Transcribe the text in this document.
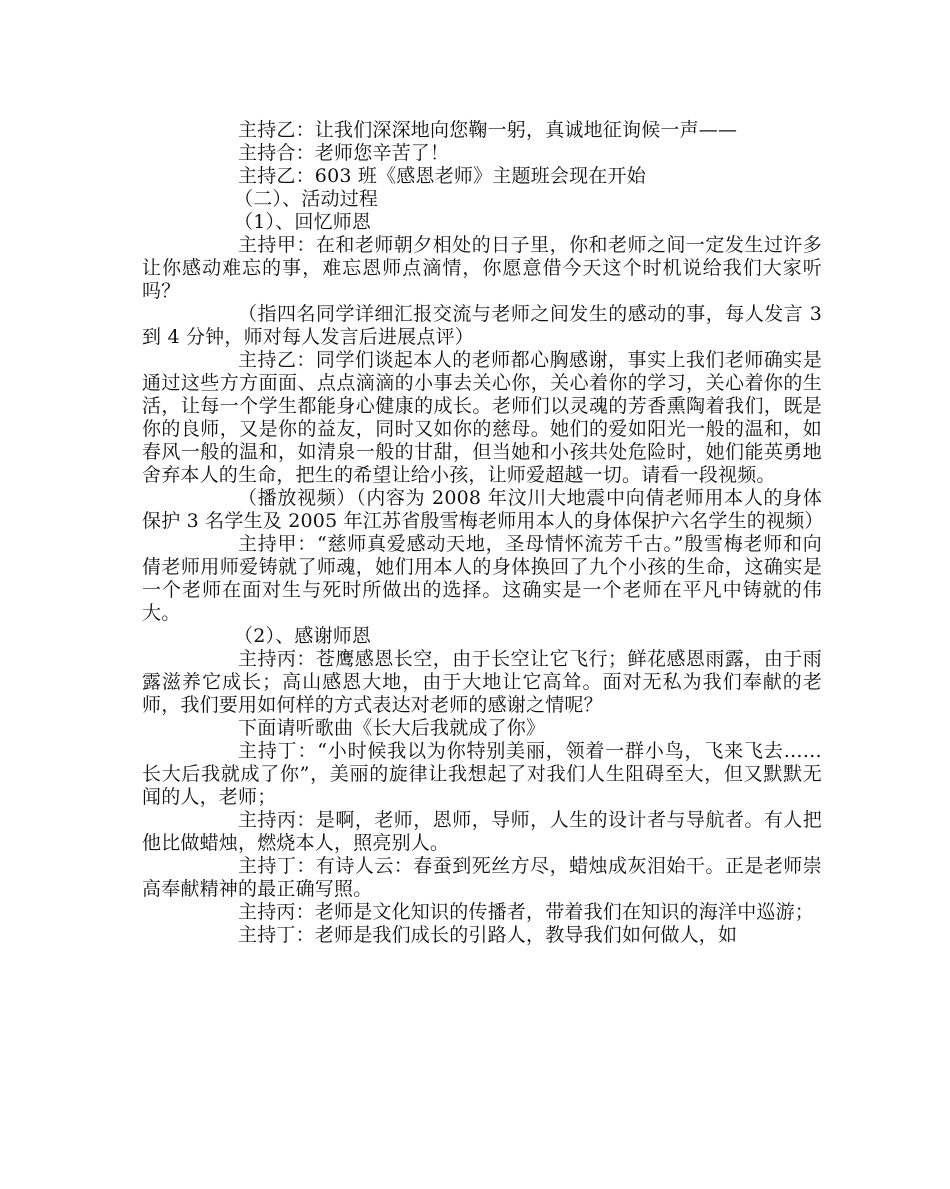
主持乙：让我们深深地向您鞠一躬，真诚地征询候一声——

主持合：老师您辛苦了！

主持乙：603 班《感恩老师》主题班会现在开始

（二）、活动过程

（1）、回忆师恩

主持甲：在和老师朝夕相处的日子里，你和老师之间一定发生过许多让你感动难忘的事，难忘恩师点滴情，你愿意借今天这个时机说给我们大家听吗？

（指四名同学详细汇报交流与老师之间发生的感动的事，每人发言 3 到 4 分钟，师对每人发言后进展点评）

主持乙：同学们谈起本人的老师都心胸感谢，事实上我们老师确实是通过这些方方面面、点点滴滴的小事去关心你，关心着你的学习，关心着你的生活，让每一个学生都能身心健康的成长。老师们以灵魂的芳香熏陶着我们，既是你的良师，又是你的益友，同时又如你的慈母。她们的爱如阳光一般的温和，如春风一般的温和，如清泉一般的甘甜，但当她和小孩共处危险时，她们能英勇地舍弃本人的生命，把生的希望让给小孩，让师爱超越一切。请看一段视频。

（播放视频）（内容为 2008 年汶川大地震中向倩老师用本人的身体保护 3 名学生及 2005 年江苏省殷雪梅老师用本人的身体保护六名学生的视频）

主持甲：“慈师真爱感动天地，圣母情怀流芳千古。”殷雪梅老师和向倩老师用师爱铸就了师魂，她们用本人的身体换回了九个小孩的生命，这确实是一个老师在面对生与死时所做出的选择。这确实是一个老师在平凡中铸就的伟大。

（2）、感谢师恩

主持丙：苍鹰感恩长空，由于长空让它飞行；鲜花感恩雨露，由于雨露滋养它成长；高山感恩大地，由于大地让它高耸。面对无私为我们奉献的老师，我们要用如何样的方式表达对老师的感谢之情呢？

下面请听歌曲《长大后我就成了你》

主持丁：“小时候我以为你特别美丽，领着一群小鸟，飞来飞去……长大后我就成了你”，美丽的旋律让我想起了对我们人生阻碍至大，但又默默无闻的人，老师；

主持丙：是啊，老师，恩师，导师，人生的设计者与导航者。有人把他比做蜡烛，燃烧本人，照亮别人。

主持丁：有诗人云：春蚕到死丝方尽，蜡烛成灰泪始干。正是老师崇高奉献精神的最正确写照。

主持丙：老师是文化知识的传播者，带着我们在知识的海洋中巡游；

主持丁：老师是我们成长的引路人，教导我们如何做人，如
